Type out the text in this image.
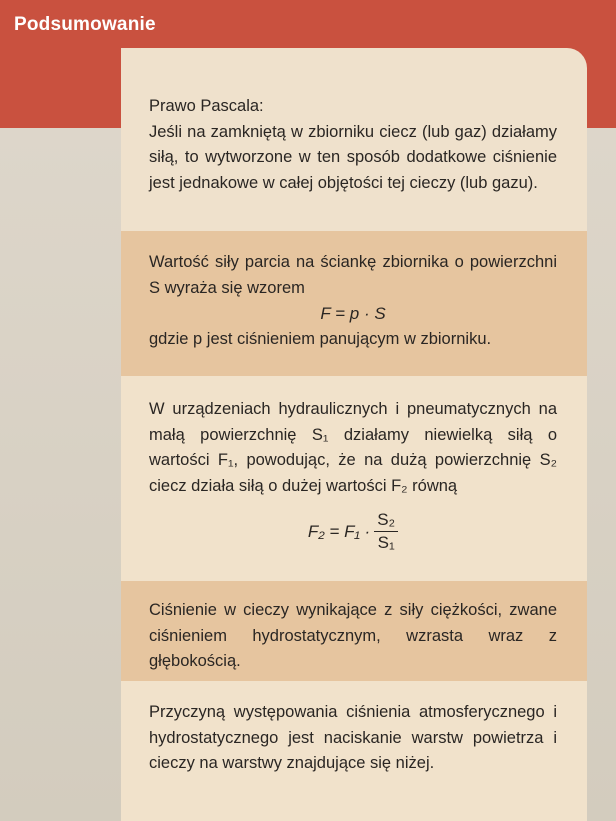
Podsumowanie

Prawo Pascala:

Jeśli na zamkniętą w zbiorniku ciecz (lub gaz) działamy siłą, to wytworzone w ten sposób dodatkowe ciśnienie jest jednakowe w całej objętości tej cieczy (lub gazu).

Wartość siły parcia na ściankę zbiornika o powierzchni S wyraża się wzorem

F = p · S

gdzie p jest ciśnieniem panującym w zbiorniku.

W urządzeniach hydraulicznych i pneumatycznych na małą powierzchnię S₁ działamy niewielką siłą o wartości F₁, powodując, że na dużą powierzchnię S₂ ciecz działa siłą o dużej wartości F₂ równą

$F_2 = F_1 \cdot \frac{\text{S₂}}{\text{S₁}}$

Ciśnienie w cieczy wynikające z siły ciężkości, zwane ciśnieniem hydrostatycznym, wzrasta wraz z głębokością.

Przyczyną występowania ciśnienia atmosferycznego i hydrostatycznego jest naciskanie warstw powietrza i cieczy na warstwy znajdujące się niżej.
